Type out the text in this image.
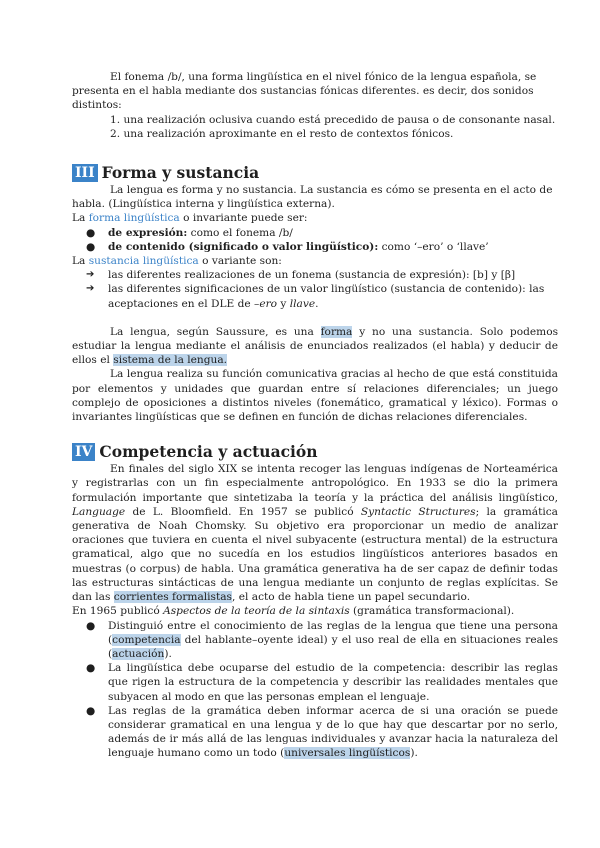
El fonema /b/, una forma lingüística en el nivel fónico de la lengua española, se presenta en el habla mediante dos sustancias fónicas diferentes. es decir, dos sonidos distintos:

1. una realización oclusiva cuando está precedido de pausa o de consonante nasal.
2. una realización aproximante en el resto de contextos fónicos.
III Forma y sustancia

La lengua es forma y no sustancia. La sustancia es cómo se presenta en el acto de habla. (Lingüística interna y lingüística externa).

La forma lingüística o invariante puede ser:

● de expresión: como el fonema /b/
● de contenido (significado o valor lingüístico): como ‘–ero’ o ‘llave’

La sustancia lingüística o variante son:

➔ las diferentes realizaciones de un fonema (sustancia de expresión): [b] y [β]
➔ las diferentes significaciones de un valor lingüístico (sustancia de contenido): las aceptaciones en el DLE de –ero y llave.

La lengua, según Saussure, es una forma y no una sustancia. Solo podemos estudiar la lengua mediante el análisis de enunciados realizados (el habla) y deducir de ellos el sistema de la lengua.

La lengua realiza su función comunicativa gracias al hecho de que está constituida por elementos y unidades que guardan entre sí relaciones diferenciales; un juego complejo de oposiciones a distintos niveles (fonemático, gramatical y léxico). Formas o invariantes lingüísticas que se definen en función de dichas relaciones diferenciales.

IV Competencia y actuación

En finales del siglo XIX se intenta recoger las lenguas indígenas de Norteamérica y registrarlas con un fin especialmente antropológico. En 1933 se dio la primera formulación importante que sintetizaba la teoría y la práctica del análisis lingüístico, Language de L. Bloomfield. En 1957 se publicó Syntactic Structures; la gramática generativa de Noah Chomsky. Su objetivo era proporcionar un medio de analizar oraciones que tuviera en cuenta el nivel subyacente (estructura mental) de la estructura gramatical, algo que no sucedía en los estudios lingüísticos anteriores basados en muestras (o corpus) de habla. Una gramática generativa ha de ser capaz de definir todas las estructuras sintácticas de una lengua mediante un conjunto de reglas explícitas. Se dan las corrientes formalistas, el acto de habla tiene un papel secundario.

En 1965 publicó Aspectos de la teoría de la sintaxis (gramática transformacional).

● Distinguió entre el conocimiento de las reglas de la lengua que tiene una persona (competencia del hablante–oyente ideal) y el uso real de ella en situaciones reales (actuación).
● La lingüística debe ocuparse del estudio de la competencia: describir las reglas que rigen la estructura de la competencia y describir las realidades mentales que subyacen al modo en que las personas emplean el lenguaje.
● Las reglas de la gramática deben informar acerca de si una oración se puede considerar gramatical en una lengua y de lo que hay que descartar por no serlo, además de ir más allá de las lenguas individuales y avanzar hacia la naturaleza del lenguaje humano como un todo (universales lingüísticos).
